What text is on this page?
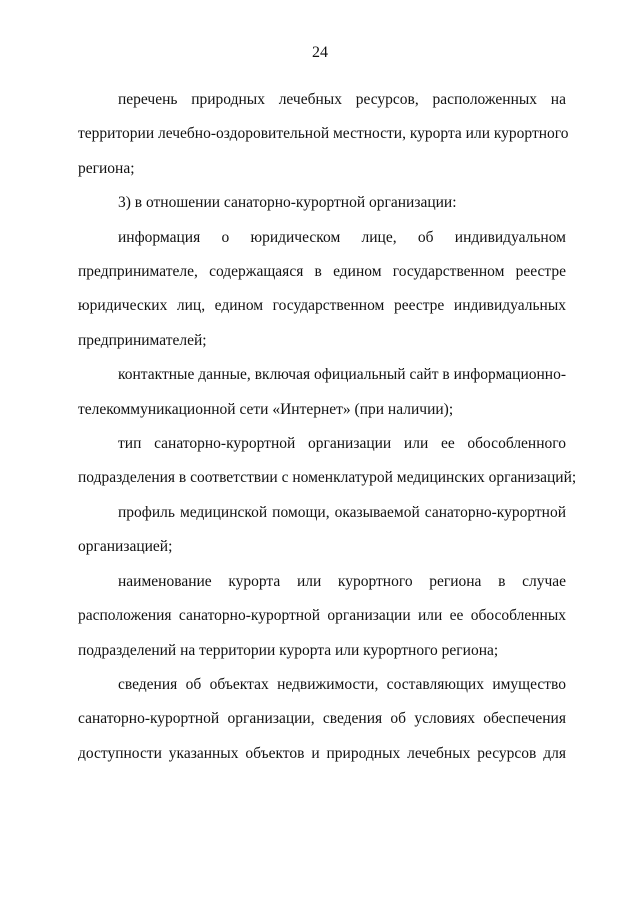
24
перечень природных лечебных ресурсов, расположенных на
территории лечебно-оздоровительной местности, курорта или курортного
региона;
3) в отношении санаторно-курортной организации:
информация о юридическом лице, об индивидуальном
предпринимателе, содержащаяся в едином государственном реестре
юридических лиц, едином государственном реестре индивидуальных
предпринимателей;
контактные данные, включая официальный сайт в информационно-
телекоммуникационной сети «Интернет» (при наличии);
тип санаторно-курортной организации или ее обособленного
подразделения в соответствии с номенклатурой медицинских организаций;
профиль медицинской помощи, оказываемой санаторно-курортной
организацией;
наименование курорта или курортного региона в случае
расположения санаторно-курортной организации или ее обособленных
подразделений на территории курорта или курортного региона;
сведения об объектах недвижимости, составляющих имущество
санаторно-курортной организации, сведения об условиях обеспечения
доступности указанных объектов и природных лечебных ресурсов для
